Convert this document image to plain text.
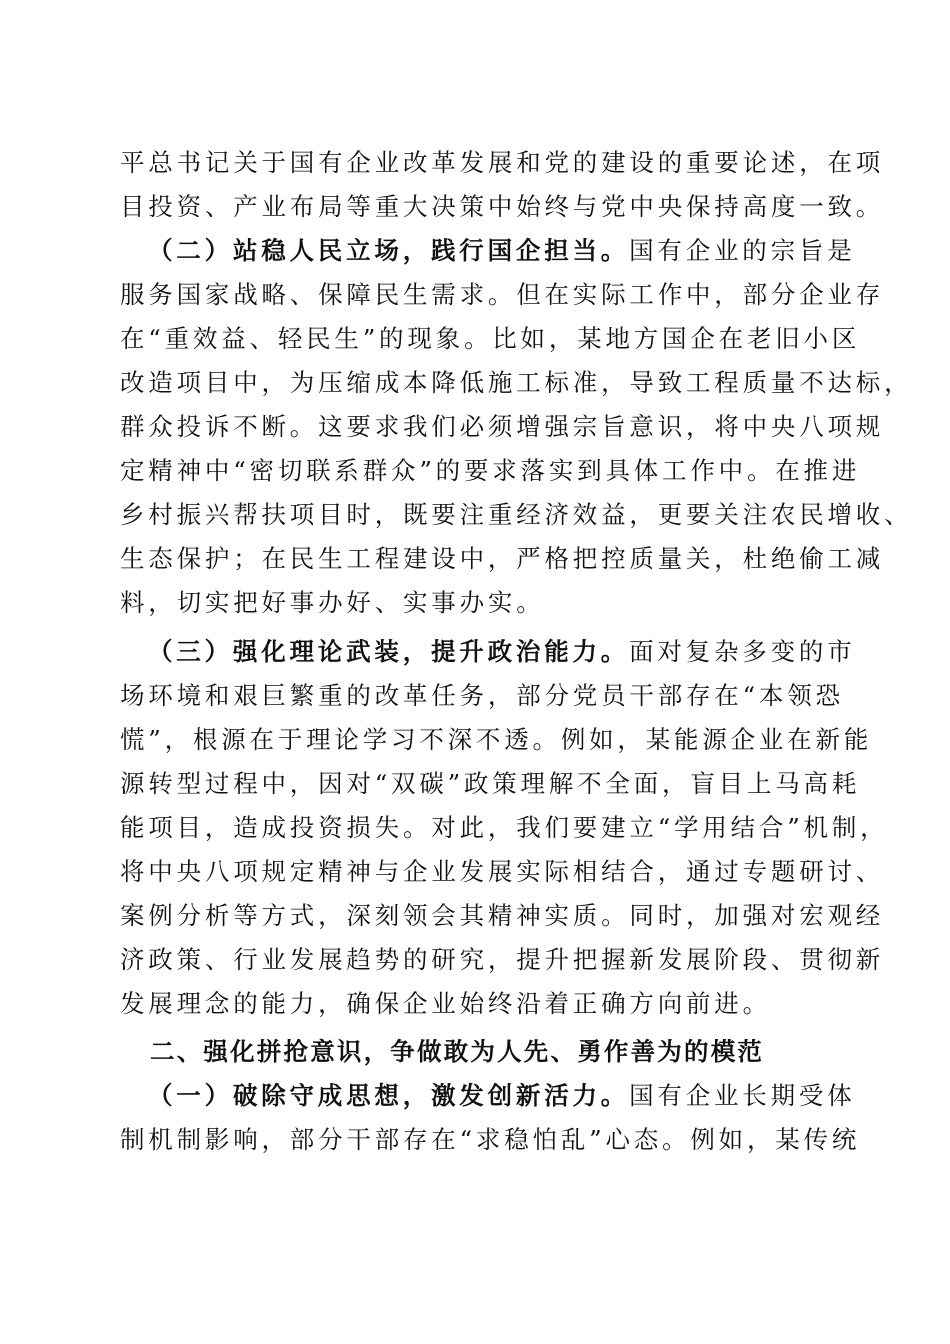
平总书记关于国有企业改革发展和党的建设的重要论述，在项
目投资、产业布局等重大决策中始终与党中央保持高度一致。
（二）站稳人民立场，践行国企担当。国有企业的宗旨是
服务国家战略、保障民生需求。但在实际工作中，部分企业存
在“重效益、轻民生”的现象。比如，某地方国企在老旧小区
改造项目中，为压缩成本降低施工标准，导致工程质量不达标，
群众投诉不断。这要求我们必须增强宗旨意识，将中央八项规
定精神中“密切联系群众”的要求落实到具体工作中。在推进
乡村振兴帮扶项目时，既要注重经济效益，更要关注农民增收、
生态保护；在民生工程建设中，严格把控质量关，杜绝偷工减
料，切实把好事办好、实事办实。
（三）强化理论武装，提升政治能力。面对复杂多变的市
场环境和艰巨繁重的改革任务，部分党员干部存在“本领恐
慌”，根源在于理论学习不深不透。例如，某能源企业在新能
源转型过程中，因对“双碳”政策理解不全面，盲目上马高耗
能项目，造成投资损失。对此，我们要建立“学用结合”机制，
将中央八项规定精神与企业发展实际相结合，通过专题研讨、
案例分析等方式，深刻领会其精神实质。同时，加强对宏观经
济政策、行业发展趋势的研究，提升把握新发展阶段、贯彻新
发展理念的能力，确保企业始终沿着正确方向前进。
二、强化拼抢意识，争做敢为人先、勇作善为的模范
（一）破除守成思想，激发创新活力。国有企业长期受体
制机制影响，部分干部存在“求稳怕乱”心态。例如，某传统
